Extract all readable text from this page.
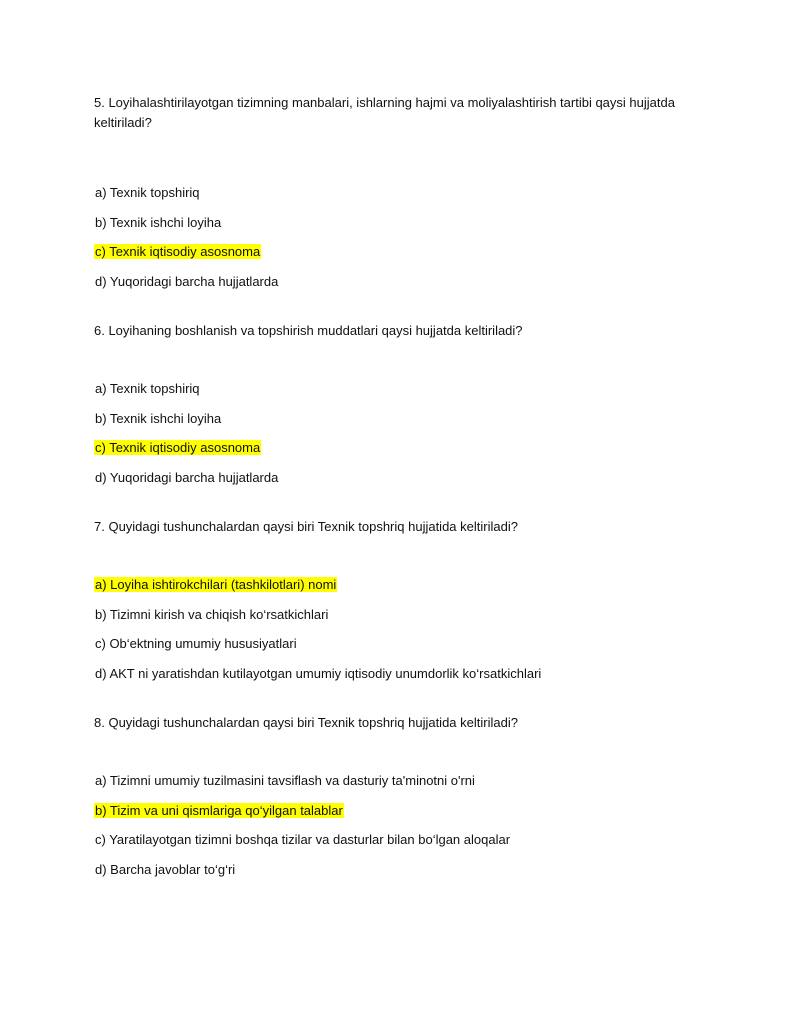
5. Loyihalashtirilayotgan tizimning manbalari, ishlarning hajmi va moliyalashtirish tartibi qaysi hujjatda keltiriladi?

a) Texnik topshiriq

b) Texnik ishchi loyiha

c) Texnik iqtisodiy asosnoma

d) Yuqoridagi barcha hujjatlarda

6. Loyihaning boshlanish va topshirish muddatlari qaysi hujjatda keltiriladi?

a) Texnik topshiriq

b) Texnik ishchi loyiha

c) Texnik iqtisodiy asosnoma

d) Yuqoridagi barcha hujjatlarda

7. Quyidagi tushunchalardan qaysi biri Texnik topshriq hujjatida keltiriladi?

a) Loyiha ishtirokchilari (tashkilotlari) nomi

b) Tizimni kirish va chiqish ko‘rsatkichlari

c) Ob‘ektning umumiy hususiyatlari

d) AKT ni yaratishdan kutilayotgan umumiy iqtisodiy unumdorlik ko‘rsatkichlari

8. Quyidagi tushunchalardan qaysi biri Texnik topshriq hujjatida keltiriladi?

a) Tizimni umumiy tuzilmasini tavsiflash va dasturiy ta'minotni o'rni

b) Tizim va uni qismlariga qo‘yilgan talablar

c) Yaratilayotgan tizimni boshqa tizilar va dasturlar bilan bo‘lgan aloqalar

d) Barcha javoblar to‘g‘ri
